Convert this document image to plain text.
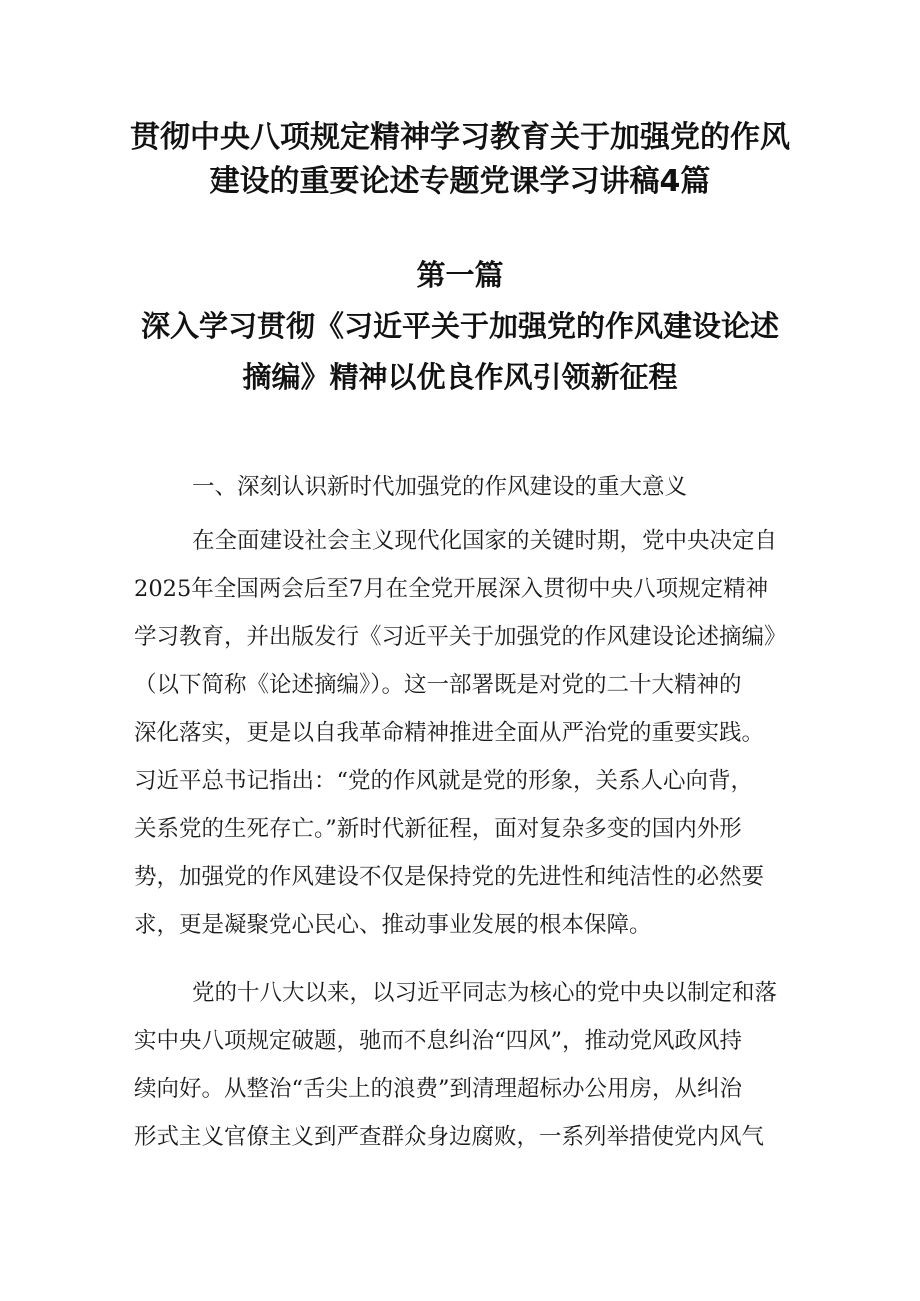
贯彻中央八项规定精神学习教育关于加强党的作风
建设的重要论述专题党课学习讲稿4篇
第一篇
深入学习贯彻《习近平关于加强党的作风建设论述
摘编》精神以优良作风引领新征程
一、深刻认识新时代加强党的作风建设的重大意义
在全面建设社会主义现代化国家的关键时期，党中央决定自
2025年全国两会后至7月在全党开展深入贯彻中央八项规定精神
学习教育，并出版发行《习近平关于加强党的作风建设论述摘编》
（以下简称《论述摘编》）。这一部署既是对党的二十大精神的
深化落实，更是以自我革命精神推进全面从严治党的重要实践。
习近平总书记指出：“党的作风就是党的形象，关系人心向背，
关系党的生死存亡。”新时代新征程，面对复杂多变的国内外形
势，加强党的作风建设不仅是保持党的先进性和纯洁性的必然要
求，更是凝聚党心民心、推动事业发展的根本保障。
党的十八大以来，以习近平同志为核心的党中央以制定和落
实中央八项规定破题，驰而不息纠治“四风”，推动党风政风持
续向好。从整治“舌尖上的浪费”到清理超标办公用房，从纠治
形式主义官僚主义到严查群众身边腐败，一系列举措使党内风气
